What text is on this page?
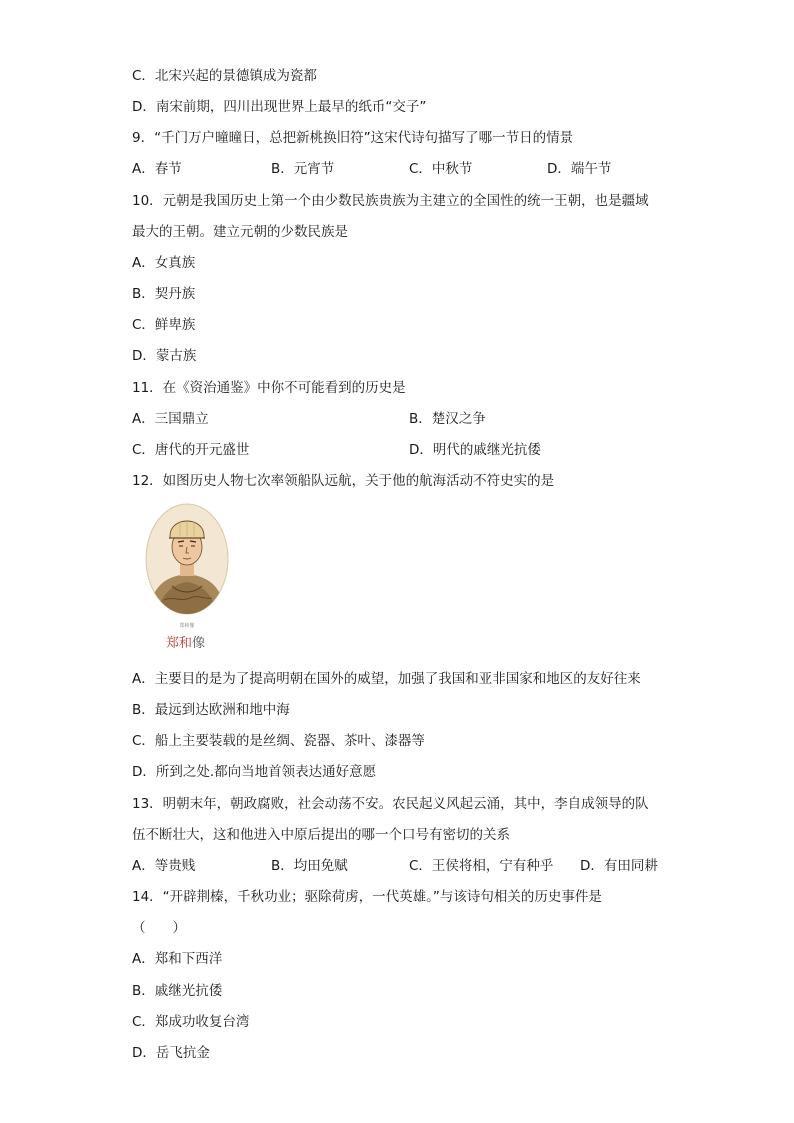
C．北宋兴起的景德镇成为瓷都
D．南宋前期，四川出现世界上最早的纸币“交子”
9．“千门万户曈曈日，总把新桃换旧符”这宋代诗句描写了哪一节日的情景
A．春节	B．元宵节	C．中秋节	D．端午节
10．元朝是我国历史上第一个由少数民族贵族为主建立的全国性的统一王朝，也是疆域
最大的王朝。建立元朝的少数民族是
A．女真族
B．契丹族
C．鲜卑族
D．蒙古族
11．在《资治通鉴》中你不可能看到的历史是
A．三国鼎立	B．楚汉之争
C．唐代的开元盛世	D．明代的戚继光抗倭
12．如图历史人物七次率领船队远航，关于他的航海活动不符史实的是
郑和像
郑和像
A．主要目的是为了提高明朝在国外的威望，加强了我国和亚非国家和地区的友好往来
B．最远到达欧洲和地中海
C．船上主要装载的是丝绸、瓷器、茶叶、漆器等
D．所到之处.都向当地首领表达通好意愿
13．明朝末年，朝政腐败，社会动荡不安。农民起义风起云涌，其中，李自成领导的队
伍不断壮大，这和他进入中原后提出的哪一个口号有密切的关系
A．等贵贱	B．均田免赋	C．王侯将相，宁有种乎 D．有田同耕
14．“开辟荆榛，千秋功业；驱除荷虏，一代英雄。”与该诗句相关的历史事件是
（　　）
A．郑和下西洋
B．戚继光抗倭
C．郑成功收复台湾
D．岳飞抗金
